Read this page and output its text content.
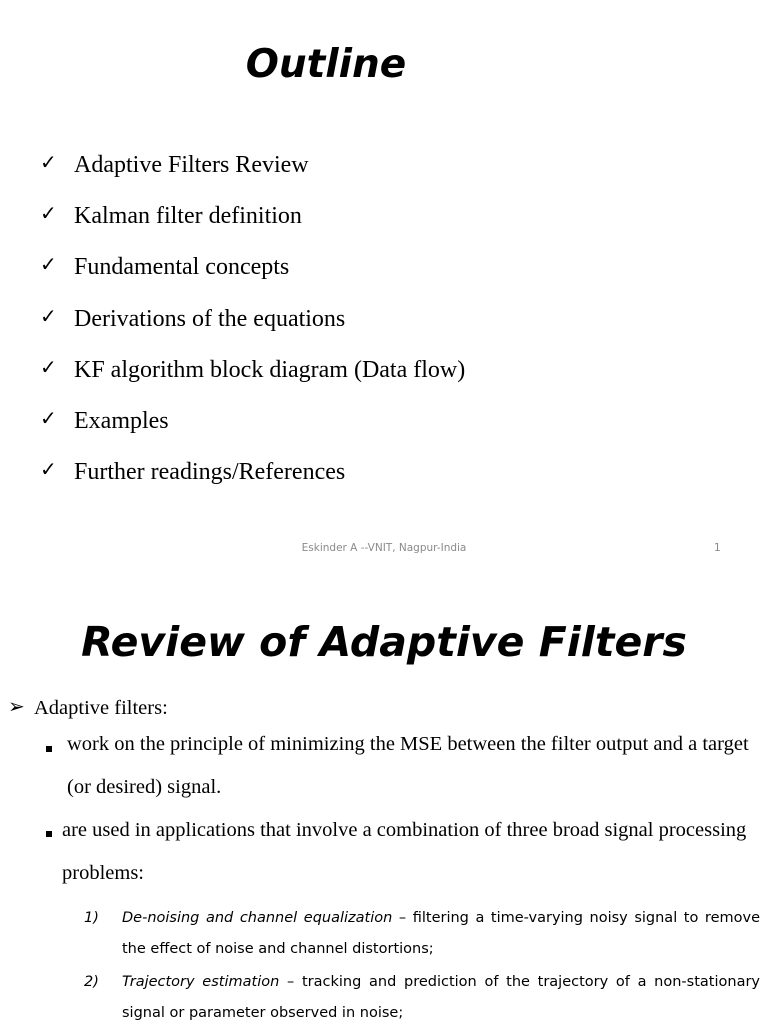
Outline
✓ Adaptive Filters Review
✓ Kalman filter definition
✓ Fundamental concepts
✓ Derivations of the equations
✓ KF algorithm block diagram (Data flow)
✓ Examples
✓ Further readings/References
Eskinder A --VNIT, Nagpur-India	1
Review of Adaptive Filters
➢ Adaptive filters:
work on the principle of minimizing the MSE between the filter output and a target (or desired) signal.
are used in applications that involve a combination of three broad signal processing problems:
1) De-noising and channel equalization – filtering a time-varying noisy signal to remove the effect of noise and channel distortions;
2) Trajectory estimation – tracking and prediction of the trajectory of a non-stationary signal or parameter observed in noise;
